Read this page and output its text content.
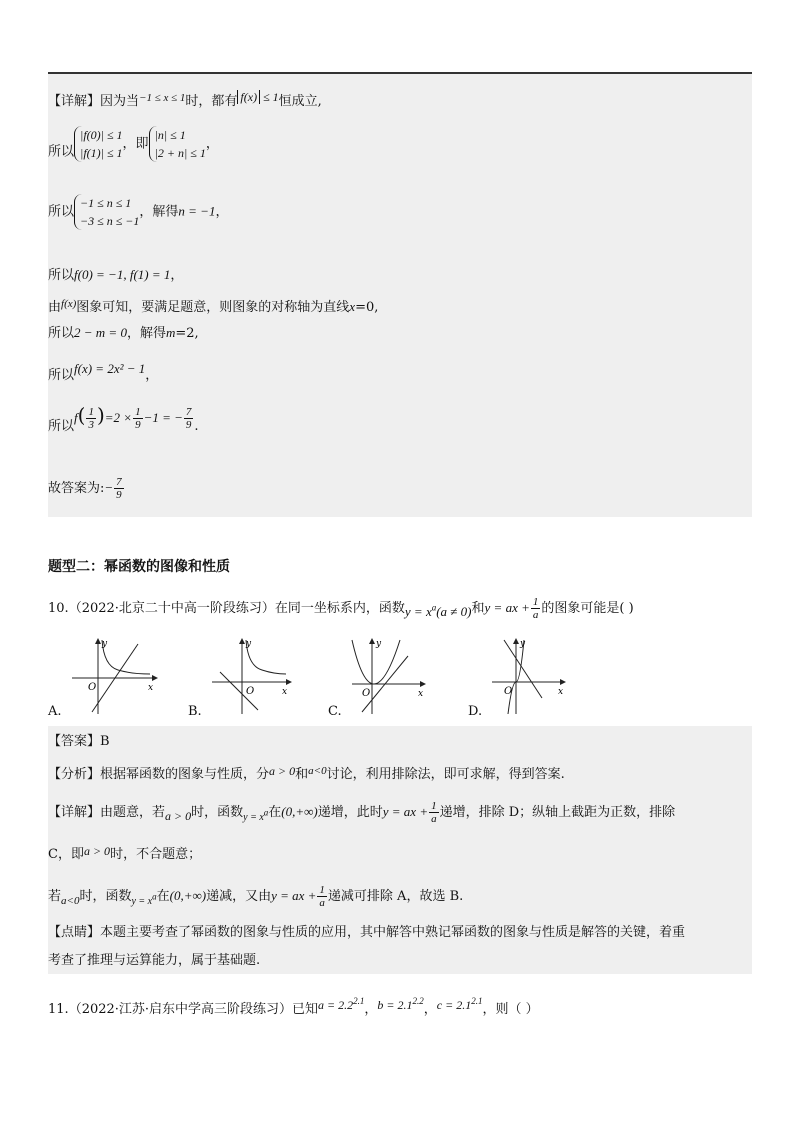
【详解】因为当$^{-1 \le x \le 1}$时，都有 f(x) ≤ 1恒成立,
所以
|f(0)| ≤ 1
|f(1)| ≤ 1
，即
|n| ≤ 1
|2 + n| ≤ 1
，
所以
−1 ≤ n ≤ 1
−3 ≤ n ≤ −1
，解得n = −1，
所以f(0) = −1, f(1) = 1，
由$^{f(x)}$图象可知，要满足题意，则图象的对称轴为直线x=0,
所以2 − m = 0，解得m=2,
所以f(x) = 2x² − 1，
所以$f( \frac{1}{3} )=2 \times \frac{1}{9} -1$ = − $\frac{7}{9}$ .
故答案为:− $\frac{7}{9}$
题型二：幂函数的图像和性质
10.（2022·北京二十中高一阶段练习）在同一坐标系内，函数$y = x^a(a \ne 0)$和y = ax + $\frac{1}{a}$ 的图象可能是( )
O	x
y
A.
O	x
y
B.
O	x
y
C.
O	x
y
D.
【答案】B
【分析】根据幂函数的图象与性质，分a > 0和$^{a<0}$讨论，利用排除法，即可求解，得到答案.
【详解】由题意，若a > 0时，函数$_{y = x^a}$在(0,+∞)递增，此时y = ax + $\frac{1}{a}$ 递增，排除 D；纵轴上截距为正数，排除
C，即a > 0时，不合题意；
若$_{a<0}$时，函数$_{y = x^a}$在(0,+∞)递减，又由y = ax + $\frac{1}{a}$ 递减可排除 A，故选 B.
【点睛】本题主要考查了幂函数的图象与性质的应用，其中解答中熟记幂函数的图象与性质是解答的关键，着重
考查了推理与运算能力，属于基础题.
11.（2022·江苏·启东中学高三阶段练习）已知$a = 2.2^{2.1}$，$b = 2.1^{2.2}$，$c = 2.1^{2.1}$，则（ ）
